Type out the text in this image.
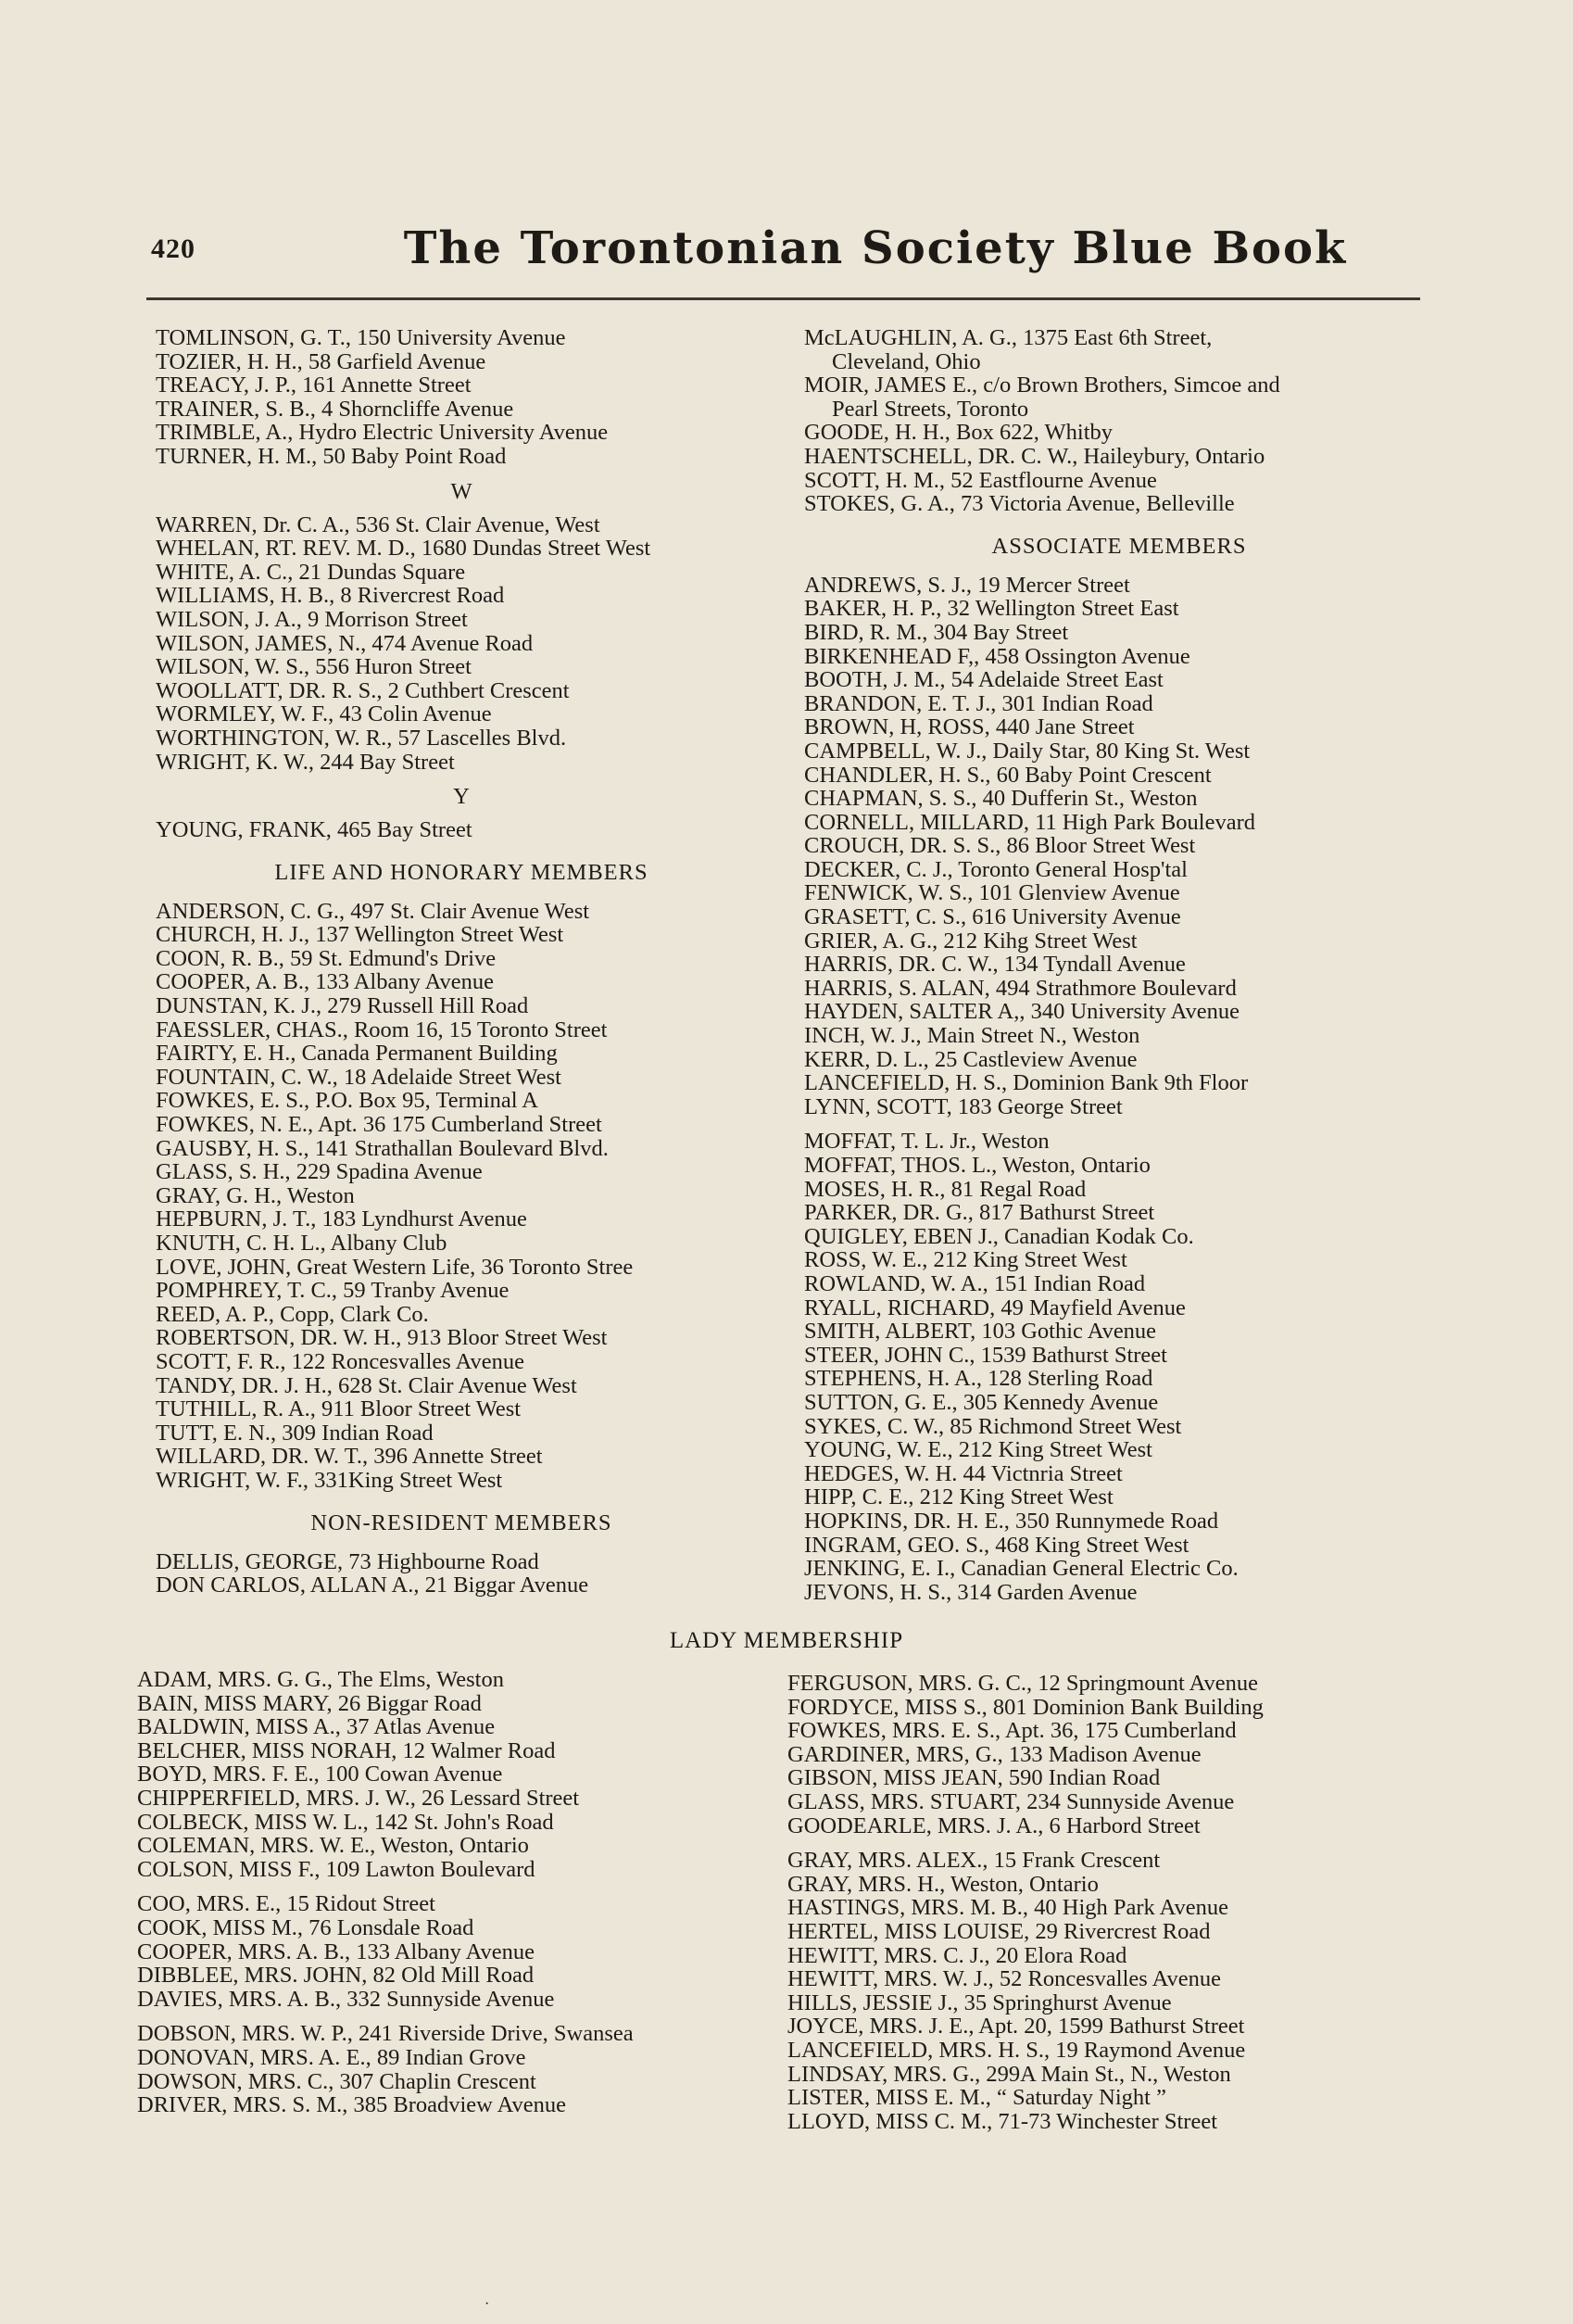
420	The Torontonian Society Blue Book
TOMLINSON, G. T., 150 University Avenue
TOZIER, H. H., 58 Garfield Avenue
TREACY, J. P., 161 Annette Street
TRAINER, S. B., 4 Shorncliffe Avenue
TRIMBLE, A., Hydro Electric University Avenue
TURNER, H. M., 50 Baby Point Road
W
WARREN, Dr. C. A., 536 St. Clair Avenue, West
WHELAN, RT. REV. M. D., 1680 Dundas Street West
WHITE, A. C., 21 Dundas Square
WILLIAMS, H. B., 8 Rivercrest Road
WILSON, J. A., 9 Morrison Street
WILSON, JAMES, N., 474 Avenue Road
WILSON, W. S., 556 Huron Street
WOOLLATT, DR. R. S., 2 Cuthbert Crescent
WORMLEY, W. F., 43 Colin Avenue
WORTHINGTON, W. R., 57 Lascelles Blvd.
WRIGHT, K. W., 244 Bay Street
Y
YOUNG, FRANK, 465 Bay Street
LIFE AND HONORARY MEMBERS
ANDERSON, C. G., 497 St. Clair Avenue West
CHURCH, H. J., 137 Wellington Street West
COON, R. B., 59 St. Edmund's Drive
COOPER, A. B., 133 Albany Avenue
DUNSTAN, K. J., 279 Russell Hill Road
FAESSLER, CHAS., Room 16, 15 Toronto Street
FAIRTY, E. H., Canada Permanent Building
FOUNTAIN, C. W., 18 Adelaide Street West
FOWKES, E. S., P.O. Box 95, Terminal A
FOWKES, N. E., Apt. 36 175 Cumberland Street
GAUSBY, H. S., 141 Strathallan Boulevard Blvd.
GLASS, S. H., 229 Spadina Avenue
GRAY, G. H., Weston
HEPBURN, J. T., 183 Lyndhurst Avenue
KNUTH, C. H. L., Albany Club
LOVE, JOHN, Great Western Life, 36 Toronto Stree
POMPHREY, T. C., 59 Tranby Avenue
REED, A. P., Copp, Clark Co.
ROBERTSON, DR. W. H., 913 Bloor Street West
SCOTT, F. R., 122 Roncesvalles Avenue
TANDY, DR. J. H., 628 St. Clair Avenue West
TUTHILL, R. A., 911 Bloor Street West
TUTT, E. N., 309 Indian Road
WILLARD, DR. W. T., 396 Annette Street
WRIGHT, W. F., 331King Street West
NON-RESIDENT MEMBERS
DELLIS, GEORGE, 73 Highbourne Road
DON CARLOS, ALLAN A., 21 Biggar Avenue
McLAUGHLIN, A. G., 1375 East 6th Street,
Cleveland, Ohio
MOIR, JAMES E., c/o Brown Brothers, Simcoe and
Pearl Streets, Toronto
GOODE, H. H., Box 622, Whitby
HAENTSCHELL, DR. C. W., Haileybury, Ontario
SCOTT, H. M., 52 Eastflourne Avenue
STOKES, G. A., 73 Victoria Avenue, Belleville
ASSOCIATE MEMBERS
ANDREWS, S. J., 19 Mercer Street
BAKER, H. P., 32 Wellington Street East
BIRD, R. M., 304 Bay Street
BIRKENHEAD F,, 458 Ossington Avenue
BOOTH, J. M., 54 Adelaide Street East
BRANDON, E. T. J., 301 Indian Road
BROWN, H, ROSS, 440 Jane Street
CAMPBELL, W. J., Daily Star, 80 King St. West
CHANDLER, H. S., 60 Baby Point Crescent
CHAPMAN, S. S., 40 Dufferin St., Weston
CORNELL, MILLARD, 11 High Park Boulevard
CROUCH, DR. S. S., 86 Bloor Street West
DECKER, C. J., Toronto General Hosp'tal
FENWICK, W. S., 101 Glenview Avenue
GRASETT, C. S., 616 University Avenue
GRIER, A. G., 212 Kihg Street West
HARRIS, DR. C. W., 134 Tyndall Avenue
HARRIS, S. ALAN, 494 Strathmore Boulevard
HAYDEN, SALTER A,, 340 University Avenue
INCH, W. J., Main Street N., Weston
KERR, D. L., 25 Castleview Avenue
LANCEFIELD, H. S., Dominion Bank 9th Floor
LYNN, SCOTT, 183 George Street
MOFFAT, T. L. Jr., Weston
MOFFAT, THOS. L., Weston, Ontario
MOSES, H. R., 81 Regal Road
PARKER, DR. G., 817 Bathurst Street
QUIGLEY, EBEN J., Canadian Kodak Co.
ROSS, W. E., 212 King Street West
ROWLAND, W. A., 151 Indian Road
RYALL, RICHARD, 49 Mayfield Avenue
SMITH, ALBERT, 103 Gothic Avenue
STEER, JOHN C., 1539 Bathurst Street
STEPHENS, H. A., 128 Sterling Road
SUTTON, G. E., 305 Kennedy Avenue
SYKES, C. W., 85 Richmond Street West
YOUNG, W. E., 212 King Street West
HEDGES, W. H. 44 Victnria Street
HIPP, C. E., 212 King Street West
HOPKINS, DR. H. E., 350 Runnymede Road
INGRAM, GEO. S., 468 King Street West
JENKING, E. I., Canadian General Electric Co.
JEVONS, H. S., 314 Garden Avenue
LADY MEMBERSHIP
ADAM, MRS. G. G., The Elms, Weston
BAIN, MISS MARY, 26 Biggar Road
BALDWIN, MISS A., 37 Atlas Avenue
BELCHER, MISS NORAH, 12 Walmer Road
BOYD, MRS. F. E., 100 Cowan Avenue
CHIPPERFIELD, MRS. J. W., 26 Lessard Street
COLBECK, MISS W. L., 142 St. John's Road
COLEMAN, MRS. W. E., Weston, Ontario
COLSON, MISS F., 109 Lawton Boulevard
COO, MRS. E., 15 Ridout Street
COOK, MISS M., 76 Lonsdale Road
COOPER, MRS. A. B., 133 Albany Avenue
DIBBLEE, MRS. JOHN, 82 Old Mill Road
DAVIES, MRS. A. B., 332 Sunnyside Avenue
DOBSON, MRS. W. P., 241 Riverside Drive, Swansea
DONOVAN, MRS. A. E., 89 Indian Grove
DOWSON, MRS. C., 307 Chaplin Crescent
DRIVER, MRS. S. M., 385 Broadview Avenue
FERGUSON, MRS. G. C., 12 Springmount Avenue
FORDYCE, MISS S., 801 Dominion Bank Building
FOWKES, MRS. E. S., Apt. 36, 175 Cumberland
GARDINER, MRS, G., 133 Madison Avenue
GIBSON, MISS JEAN, 590 Indian Road
GLASS, MRS. STUART, 234 Sunnyside Avenue
GOODEARLE, MRS. J. A., 6 Harbord Street
GRAY, MRS. ALEX., 15 Frank Crescent
GRAY, MRS. H., Weston, Ontario
HASTINGS, MRS. M. B., 40 High Park Avenue
HERTEL, MISS LOUISE, 29 Rivercrest Road
HEWITT, MRS. C. J., 20 Elora Road
HEWITT, MRS. W. J., 52 Roncesvalles Avenue
HILLS, JESSIE J., 35 Springhurst Avenue
JOYCE, MRS. J. E., Apt. 20, 1599 Bathurst Street
LANCEFIELD, MRS. H. S., 19 Raymond Avenue
LINDSAY, MRS. G., 299A Main St., N., Weston
LISTER, MISS E. M., “ Saturday Night ”
LLOYD, MISS C. M., 71-73 Winchester Street
·
